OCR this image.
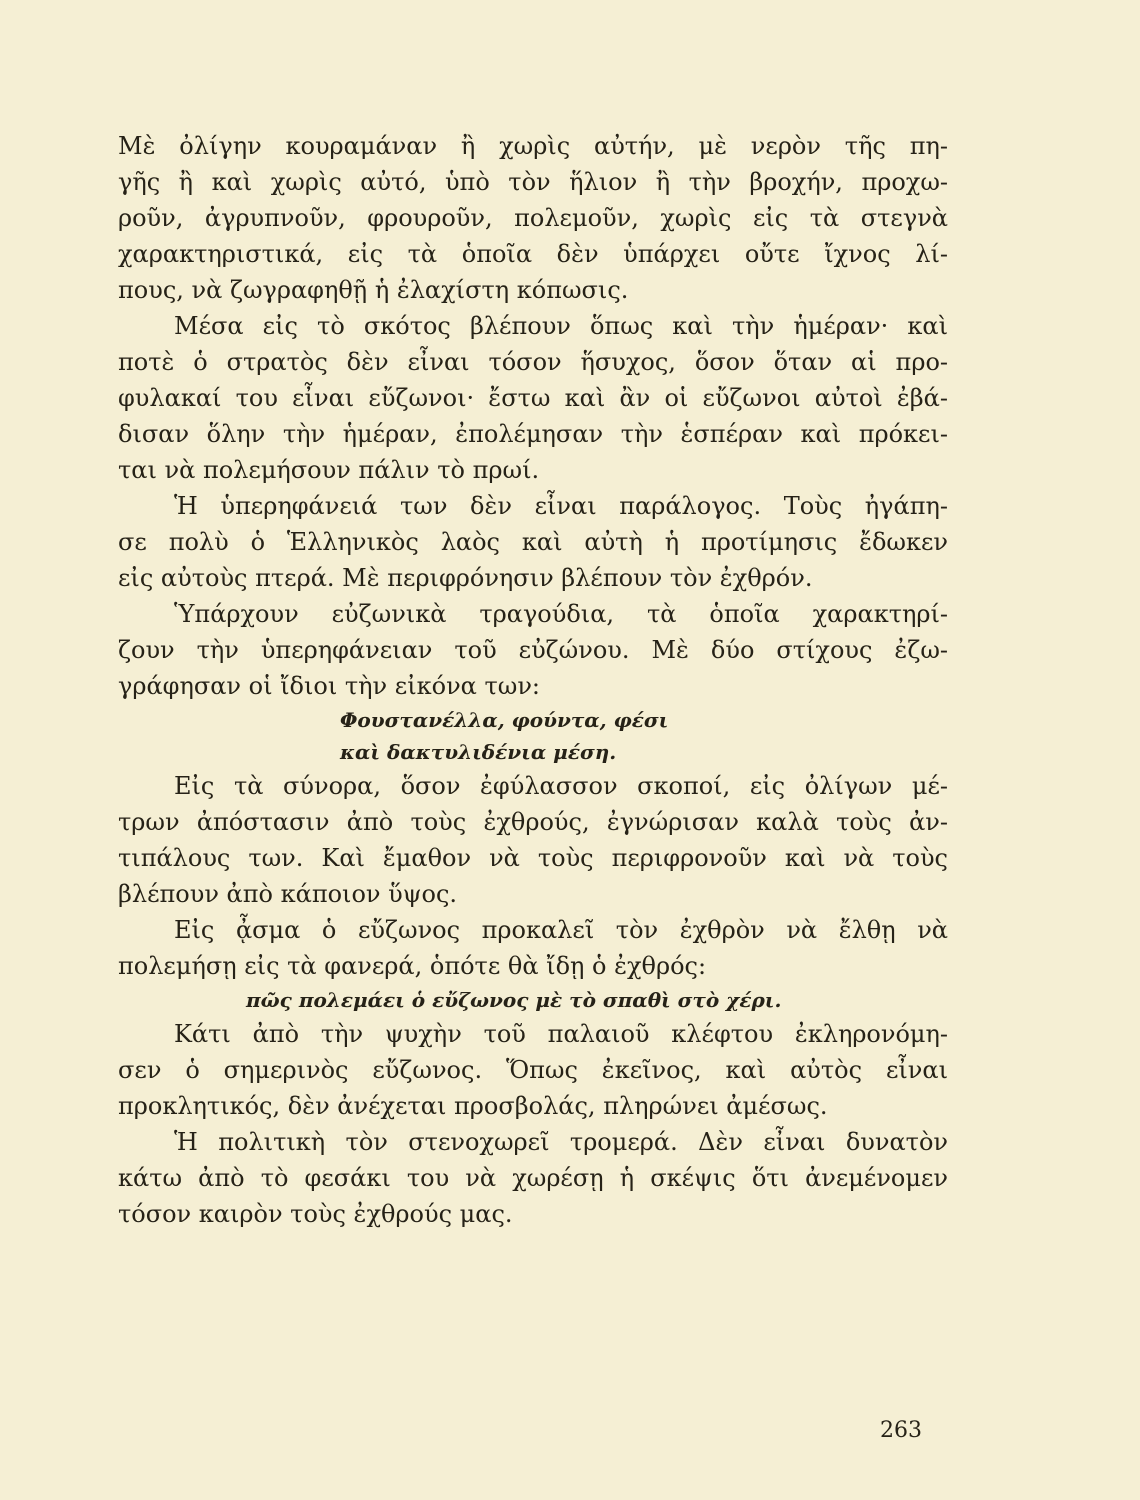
Μὲ ὀλίγην κουραμάναν ἢ χωρὶς αὐτήν, μὲ νερὸν τῆς πη-
γῆς ἢ καὶ χωρὶς αὐτό, ὑπὸ τὸν ἥλιον ἢ τὴν βροχήν, προχω-
ροῦν, ἀγρυπνοῦν, φρουροῦν, πολεμοῦν, χωρὶς εἰς τὰ στεγνὰ
χαρακτηριστικά, εἰς τὰ ὁποῖα δὲν ὑπάρχει οὔτε ἴχνος λί-
πους, νὰ ζωγραφηθῇ ἡ ἐλαχίστη κόπωσις.
Μέσα εἰς τὸ σκότος βλέπουν ὅπως καὶ τὴν ἡμέραν· καὶ
ποτὲ ὁ στρατὸς δὲν εἶναι τόσον ἥσυχος, ὅσον ὅταν αἱ προ-
φυλακαί του εἶναι εὔζωνοι· ἔστω καὶ ἂν οἱ εὔζωνοι αὐτοὶ ἐβά-
δισαν ὅλην τὴν ἡμέραν, ἐπολέμησαν τὴν ἑσπέραν καὶ πρόκει-
ται νὰ πολεμήσουν πάλιν τὸ πρωί.
Ἡ ὑπερηφάνειά των δὲν εἶναι παράλογος. Τοὺς ἠγάπη-
σε πολὺ ὁ Ἑλληνικὸς λαὸς καὶ αὐτὴ ἡ προτίμησις ἔδωκεν
εἰς αὐτοὺς πτερά. Μὲ περιφρόνησιν βλέπουν τὸν ἐχθρόν.
Ὑπάρχουν εὐζωνικὰ τραγούδια, τὰ ὁποῖα χαρακτηρί-
ζουν τὴν ὑπερηφάνειαν τοῦ εὐζώνου. Μὲ δύο στίχους ἐζω-
γράφησαν οἱ ἴδιοι τὴν εἰκόνα των:
Φουστανέλλα, φούντα, φέσι
καὶ δακτυλιδένια μέση.
Εἰς τὰ σύνορα, ὅσον ἐφύλασσον σκοποί, εἰς ὀλίγων μέ-
τρων ἀπόστασιν ἀπὸ τοὺς ἐχθρούς, ἐγνώρισαν καλὰ τοὺς ἀν-
τιπάλους των. Καὶ ἔμαθον νὰ τοὺς περιφρονοῦν καὶ νὰ τοὺς
βλέπουν ἀπὸ κάποιον ὕψος.
Εἰς ᾆσμα ὁ εὔζωνος προκαλεῖ τὸν ἐχθρὸν νὰ ἔλθῃ νὰ
πολεμήσῃ εἰς τὰ φανερά, ὁπότε θὰ ἴδῃ ὁ ἐχθρός:
πῶς πολεμάει ὁ εὔζωνος μὲ τὸ σπαθὶ στὸ χέρι.
Κάτι ἀπὸ τὴν ψυχὴν τοῦ παλαιοῦ κλέφτου ἐκληρονόμη-
σεν ὁ σημερινὸς εὔζωνος. Ὅπως ἐκεῖνος, καὶ αὐτὸς εἶναι
προκλητικός, δὲν ἀνέχεται προσβολάς, πληρώνει ἀμέσως.
Ἡ πολιτικὴ τὸν στενοχωρεῖ τρομερά. Δὲν εἶναι δυνατὸν
κάτω ἀπὸ τὸ φεσάκι του νὰ χωρέσῃ ἡ σκέψις ὅτι ἀνεμένομεν
τόσον καιρὸν τοὺς ἐχθρούς μας.
263
